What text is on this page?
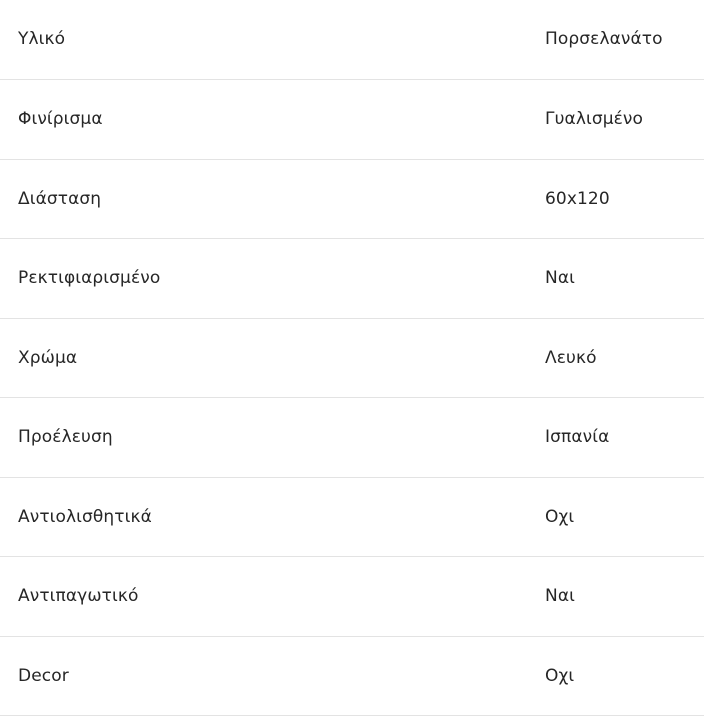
Υλικό	Πορσελανάτο
Φινίρισμα	Γυαλισμένο
Διάσταση	60x120
Ρεκτιφιαρισμένο	Ναι
Χρώμα	Λευκό
Προέλευση	Ισπανία
Αντιολισθητικά	Οχι
Αντιπαγωτικό	Ναι
Decor	Οχι
